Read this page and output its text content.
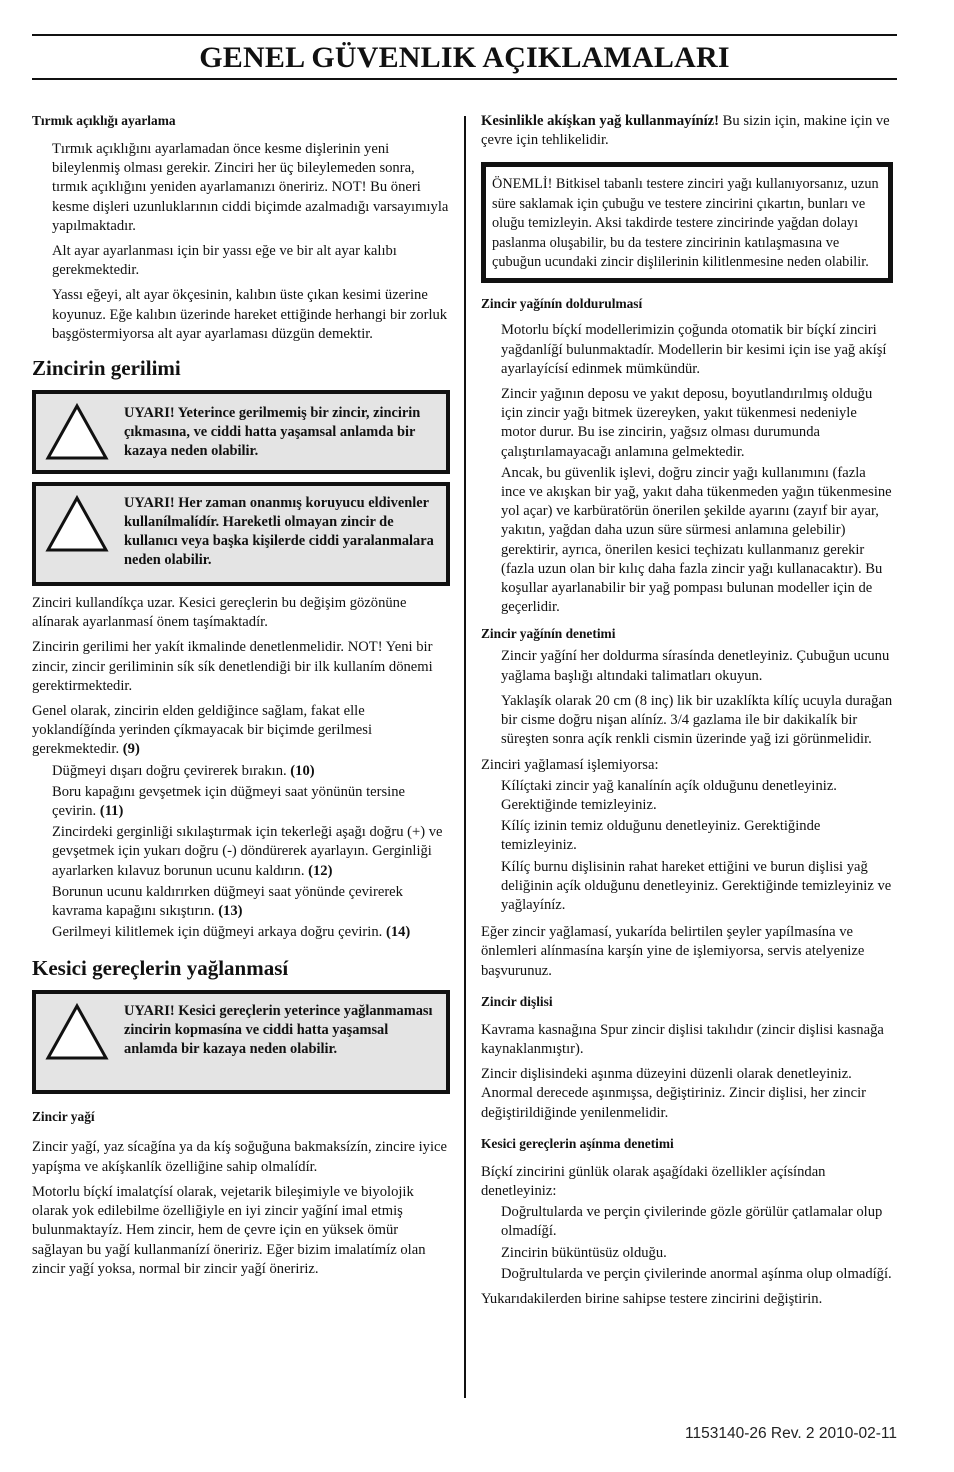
GENEL GÜVENLIK AÇIKLAMALARI

Tırmık açıklığı ayarlama

Tırmık açıklığını ayarlamadan önce kesme dişlerinin yeni bileylenmiş olması gerekir. Zinciri her üç bileylemeden sonra, tırmık açıklığını yeniden ayarlamanızı öneririz. NOT! Bu öneri kesme dişleri uzunluklarının ciddi biçimde azalmadığı varsayımıyla yapılmaktadır.

Alt ayar ayarlanması için bir yassı eğe ve bir alt ayar kalıbı gerekmektedir.

Yassı eğeyi, alt ayar ökçesinin, kalıbın üste çıkan kesimi üzerine koyunuz. Eğe kalıbın üzerinde hareket ettiğinde herhangi bir zorluk başgöstermiyorsa alt ayar ayarlaması düzgün demektir.

Zincirin gerilimi
UYARI! Yeterince gerilmemiş bir zincir, zincirin çıkmasına, ve ciddi hatta yaşamsal anlamda bir kazaya neden olabilir.
UYARI! Her zaman onanmış koruyucu eldivenler kullanílmalídír. Hareketli olmayan zincir de kullanıcı veya başka kişilerde ciddi yaralanmalara neden olabilir.

Zinciri kullandíkça uzar. Kesici gereçlerin bu değişim gözönüne alínarak ayarlanmasí önem taşímaktadír.

Zincirin gerilimi her yakít ikmalinde denetlenmelidir. NOT! Yeni bir zincir, zincir geriliminin sík sík denetlendiği bir ilk kullaním dönemi gerektirmektedir.

Genel olarak, zincirin elden geldiğince sağlam, fakat elle yoklandíğínda yerinden çíkmayacak bir biçimde gerilmesi gerekmektedir. (9)

Düğmeyi dışarı doğru çevirerek bırakın. (10)

Boru kapağını gevşetmek için düğmeyi saat yönünün tersine çevirin. (11)

Zincirdeki gerginliği sıkılaştırmak için tekerleği aşağı doğru (+) ve gevşetmek için yukarı doğru (-) döndürerek ayarlayın. Gerginliği ayarlarken kılavuz borunun ucunu kaldırın. (12)

Borunun ucunu kaldırırken düğmeyi saat yönünde çevirerek kavrama kapağını sıkıştırın. (13)

Gerilmeyi kilitlemek için düğmeyi arkaya doğru çevirin. (14)

Kesici gereçlerin yağlanmasí
UYARI! Kesici gereçlerin yeterince yağlanmaması zincirin kopmasína ve ciddi hatta yaşamsal anlamda bir kazaya neden olabilir.

Zincir yağí

Zincir yağí, yaz sícağína ya da kíş soğuğuna bakmaksízín, zincire iyice yapíşma ve akíşkanlík özelliğine sahip olmalídír.

Motorlu bíçkí imalatçísí olarak, vejetarik bileşimiyle ve biyolojik olarak yok edilebilme özelliğiyle en iyi zincir yağíní imal etmiş bulunmaktayíz. Hem zincir, hem de çevre için en yüksek ömür sağlayan bu yağí kullanmanízí öneririz. Eğer bizim imalatímíz olan zincir yağí yoksa, normal bir zincir yağí öneririz.

Kesinlikle akíşkan yağ kullanmayíníz! Bu sizin için, makine için ve çevre için tehlikelidir.

ÖNEMLİ! Bitkisel tabanlı testere zinciri yağı kullanıyorsanız, uzun süre saklamak için çubuğu ve testere zincirini çıkartın, bunları ve oluğu temizleyin. Aksi takdirde testere zincirinde yağdan dolayı paslanma oluşabilir, bu da testere zincirinin katılaşmasına ve çubuğun ucundaki zincir dişlilerinin kilitlenmesine neden olabilir.

Zincir yağínín doldurulmasí

Motorlu bíçkí modellerimizin çoğunda otomatik bir bíçkí zinciri yağdanlíğí bulunmaktadír. Modellerin bir kesimi için ise yağ akíşí ayarlayícísí edinmek mümkündür.

Zincir yağının deposu ve yakıt deposu, boyutlandırılmış olduğu için zincir yağı bitmek üzereyken, yakıt tükenmesi nedeniyle motor durur. Bu ise zincirin, yağsız olması durumunda çalıştırılamayacağı anlamına gelmektedir.

Ancak, bu güvenlik işlevi, doğru zincir yağı kullanımını (fazla ince ve akışkan bir yağ, yakıt daha tükenmeden yağın tükenmesine yol açar) ve karbüratörün önerilen şekilde ayarını (zayıf bir ayar, yakıtın, yağdan daha uzun süre sürmesi anlamına gelebilir) gerektirir, ayrıca, önerilen kesici teçhizatı kullanmanız gerekir (fazla uzun olan bir kılıç daha fazla zincir yağı kullanacaktır). Bu koşullar ayarlanabilir bir yağ pompası bulunan modeller için de geçerlidir.

Zincir yağínín denetimi

Zincir yağíní her doldurma sírasínda denetleyiniz. Çubuğun ucunu yağlama başlığı altındaki talimatları okuyun.

Yaklaşík olarak 20 cm (8 inç) lik bir uzaklíkta kílíç ucuyla durağan bir cisme doğru nişan alíníz. 3/4 gazlama ile bir dakikalík bir süreşten sonra açík renkli cismin üzerinde yağ izi görünmelidir.

Zinciri yağlamasí işlemiyorsa:

Kílíçtaki zincir yağ kanalínín açík olduğunu denetleyiniz. Gerektiğinde temizleyiniz.

Kílíç izinin temiz olduğunu denetleyiniz. Gerektiğinde temizleyiniz.

Kílíç burnu dişlisinin rahat hareket ettiğini ve burun dişlisi yağ deliğinin açík olduğunu denetleyiniz. Gerektiğinde temizleyiniz ve yağlayíníz.

Eğer zincir yağlamasí, yukarída belirtilen şeyler yapílmasína ve önlemleri alínmasína karşín yine de işlemiyorsa, servis atelyenize başvurunuz.

Zincir dişlisi

Kavrama kasnağına Spur zincir dişlisi takılıdır (zincir dişlisi kasnağa kaynaklanmıştır).

Zincir dişlisindeki aşınma düzeyini düzenli olarak denetleyiniz. Anormal derecede aşınmışsa, değiştiriniz. Zincir dişlisi, her zincir değiştirildiğinde yenilenmelidir.

Kesici gereçlerin aşínma denetimi

Bíçkí zincirini günlük olarak aşağídaki özellikler açísíndan denetleyiniz:

Doğrultularda ve perçin çivilerinde gözle görülür çatlamalar olup olmadíğí.

Zincirin büküntüsüz olduğu.

Doğrultularda ve perçin çivilerinde anormal aşínma olup olmadíğí.

Yukarıdakilerden birine sahipse testere zincirini değiştirin.

1153140-26 Rev. 2 2010-02-11
